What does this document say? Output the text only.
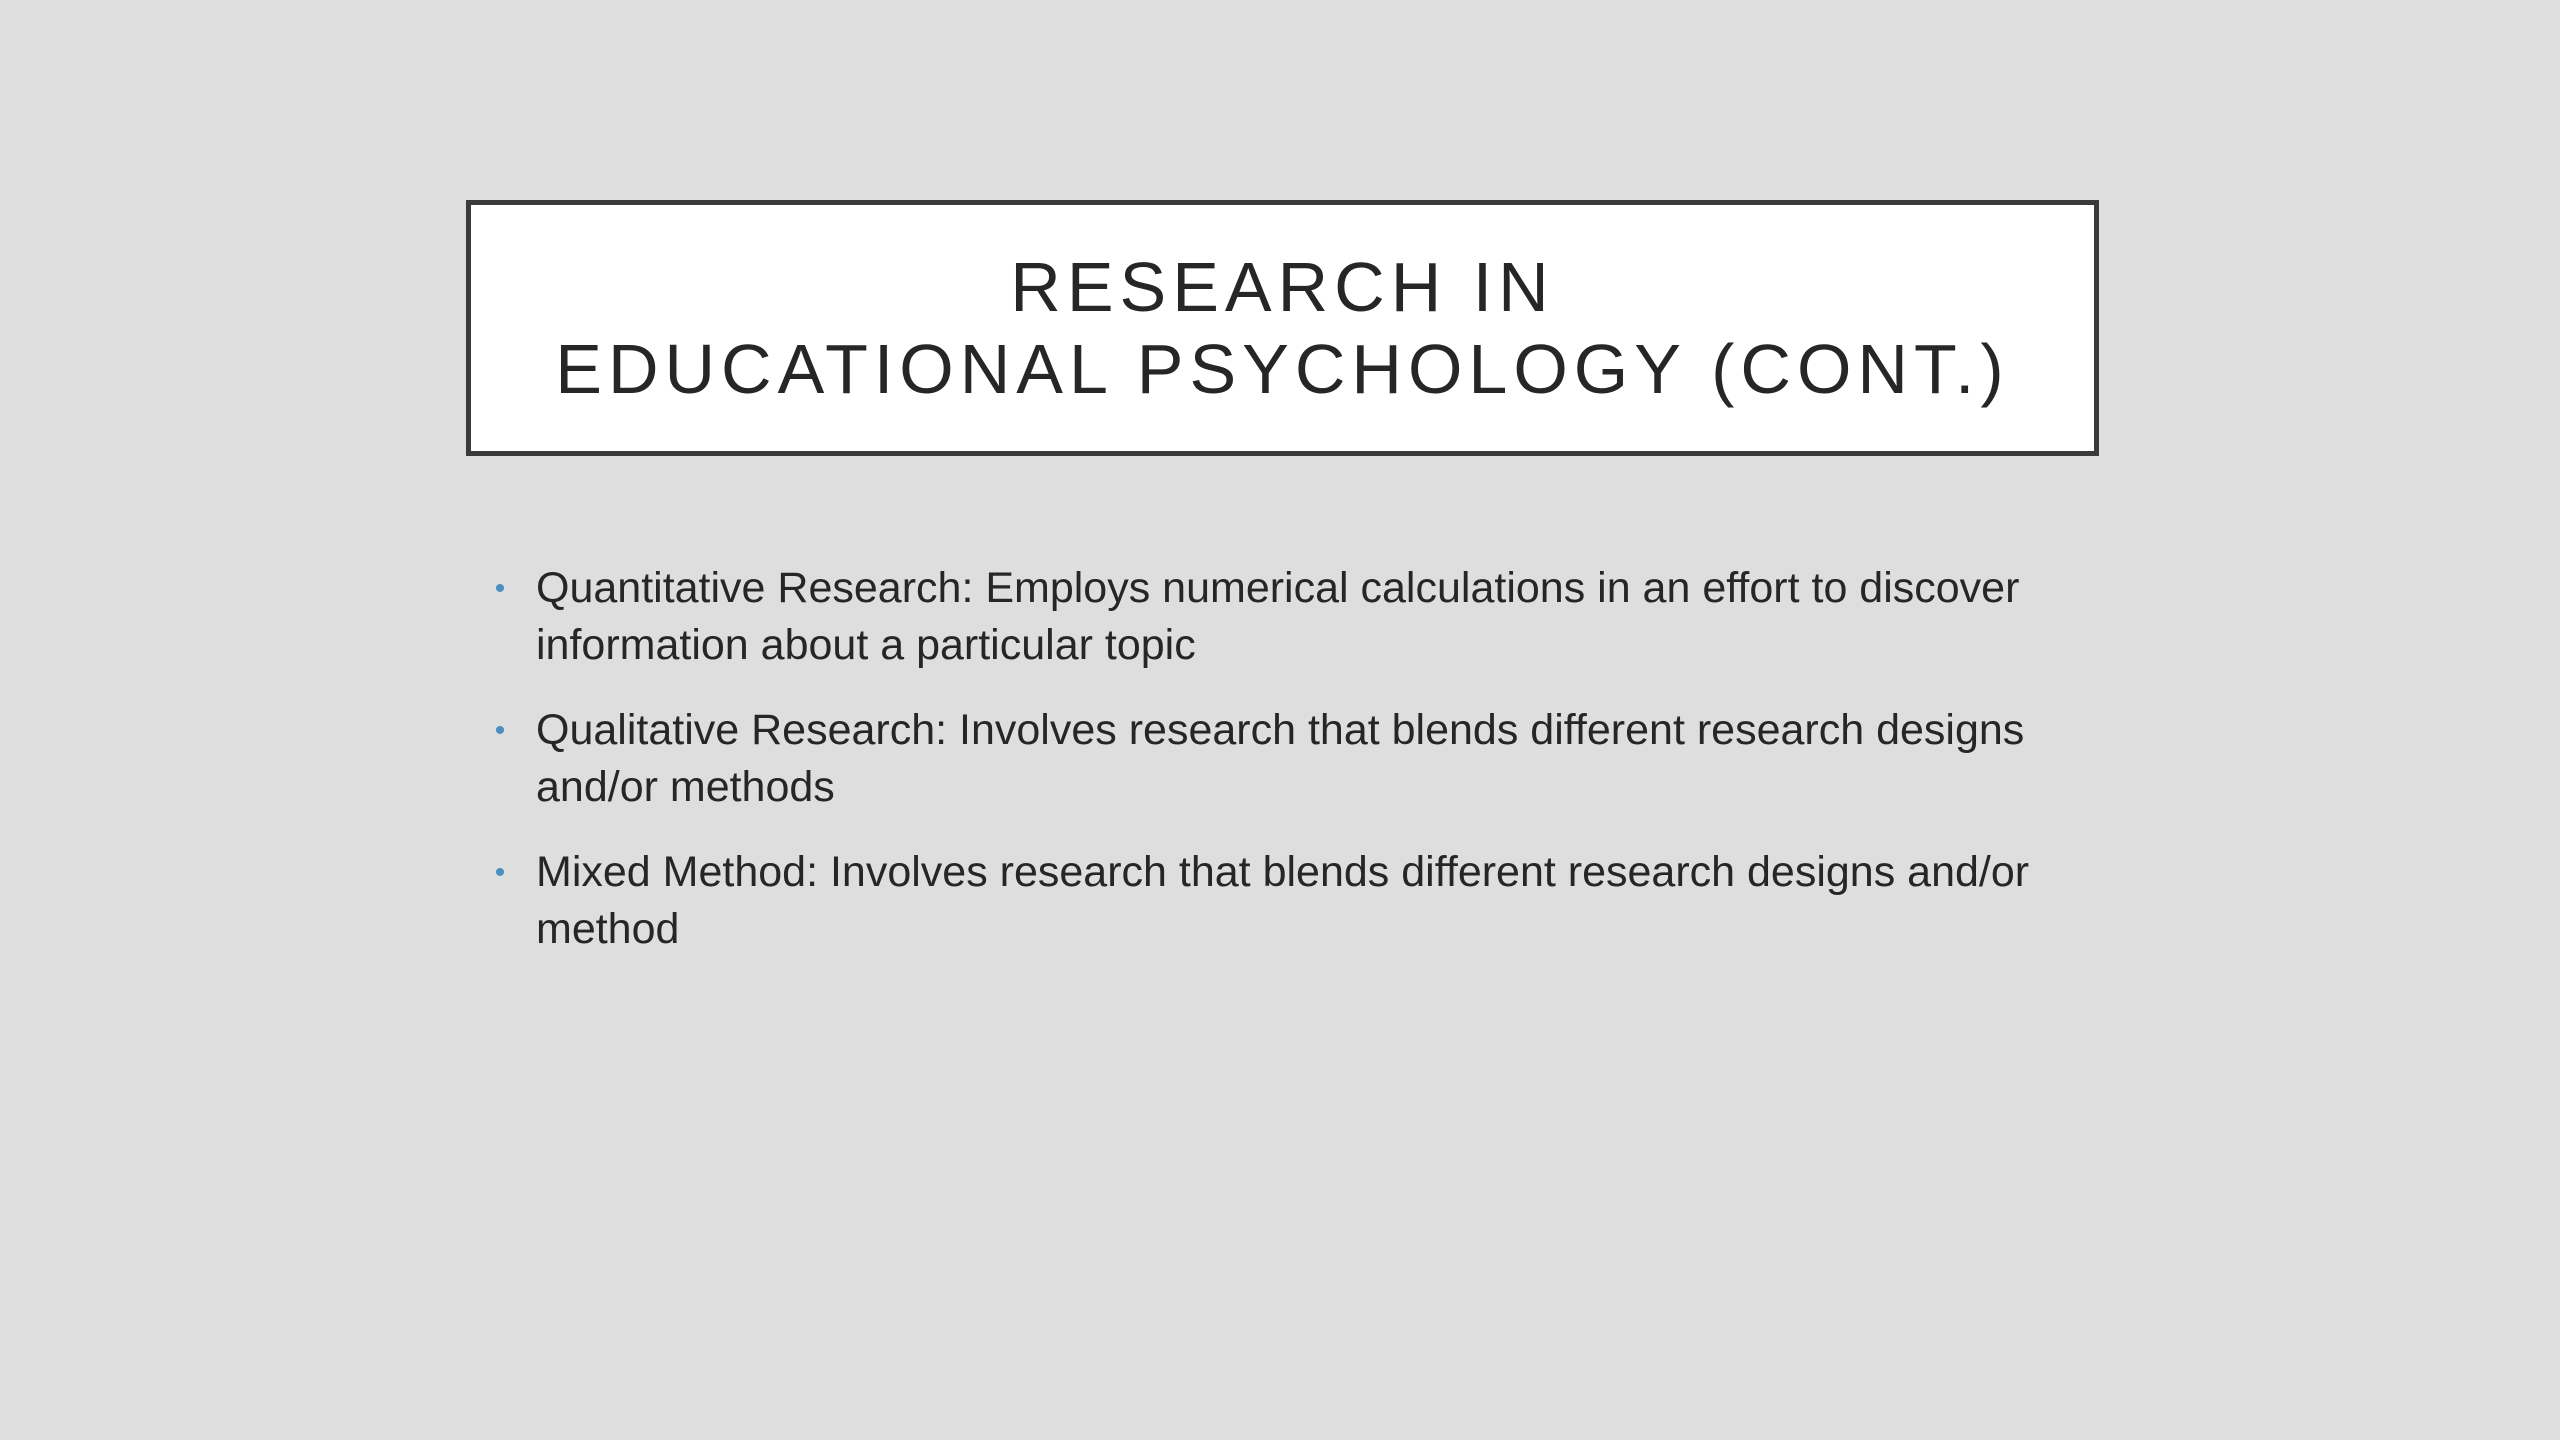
RESEARCH IN
EDUCATIONAL PSYCHOLOGY (CONT.)
• Quantitative Research: Employs numerical calculations in an effort to discover information about a particular topic
• Qualitative Research: Involves research that blends different research designs and/or methods
• Mixed Method: Involves research that blends different research designs and/or method
